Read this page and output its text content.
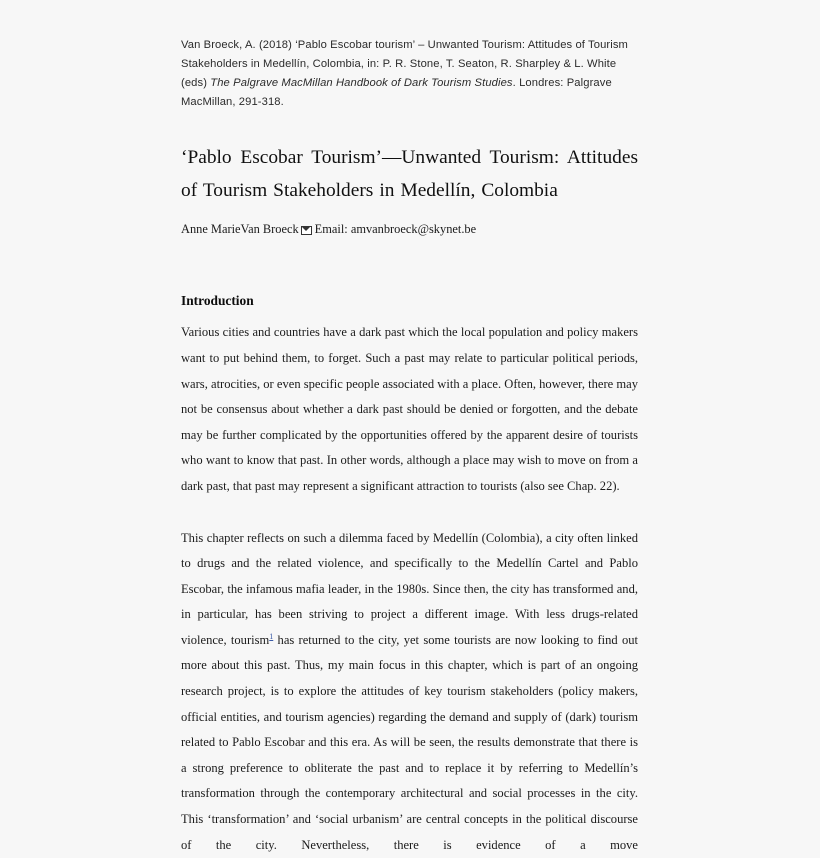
Van Broeck, A. (2018) ‘Pablo Escobar tourism’ – Unwanted Tourism: Attitudes of Tourism Stakeholders in Medellín, Colombia, in: P. R. Stone, T. Seaton, R. Sharpley & L. White (eds) The Palgrave MacMillan Handbook of Dark Tourism Studies. Londres: Palgrave MacMillan, 291-318.
‘Pablo Escobar Tourism’—Unwanted Tourism: Attitudes of Tourism Stakeholders in Medellín, Colombia
Anne MarieVan Broeck Email: amvanbroeck@skynet.be
Introduction

Various cities and countries have a dark past which the local population and policy makers want to put behind them, to forget. Such a past may relate to particular political periods, wars, atrocities, or even specific people associated with a place. Often, however, there may not be consensus about whether a dark past should be denied or forgotten, and the debate may be further complicated by the opportunities offered by the apparent desire of tourists who want to know that past. In other words, although a place may wish to move on from a dark past, that past may represent a significant attraction to tourists (also see Chap. 22).

This chapter reflects on such a dilemma faced by Medellín (Colombia), a city often linked to drugs and the related violence, and specifically to the Medellín Cartel and Pablo Escobar, the infamous mafia leader, in the 1980s. Since then, the city has transformed and, in particular, has been striving to project a different image. With less drugs-related violence, tourism$^1$ has returned to the city, yet some tourists are now looking to find out more about this past. Thus, my main focus in this chapter, which is part of an ongoing research project, is to explore the attitudes of key tourism stakeholders (policy makers, official entities, and tourism agencies) regarding the demand and supply of (dark) tourism related to Pablo Escobar and this era. As will be seen, the results demonstrate that there is a strong preference to obliterate the past and to replace it by referring to Medellín’s transformation through the contemporary architectural and social processes in the city. This ‘transformation’ and ‘social urbanism’ are central concepts in the political discourse of the city. Nevertheless, there is evidence of a move
